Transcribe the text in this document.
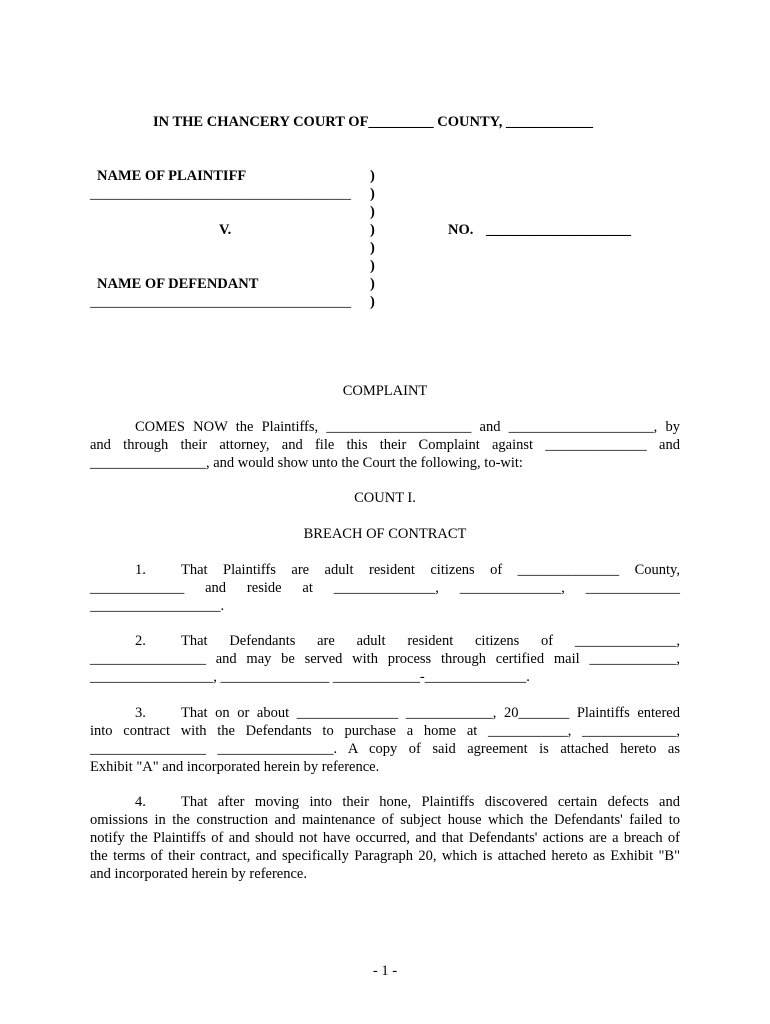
IN THE CHANCERY COURT OF_________ COUNTY, ____________
NAME OF PLAINTIFF
____________________________________
V.
NAME OF DEFENDANT
____________________________________
)
)
)
)
)
)
)
)
NO. ____________________
COMPLAINT
COMES NOW the Plaintiffs, ____________________ and ____________________, by
and through their attorney, and file this their Complaint against ______________ and
________________, and would show unto the Court the following, to-wit:
COUNT I.
BREACH OF CONTRACT
1.	That Plaintiffs are adult resident citizens of ______________ County,
_____________ and reside at ______________, ______________, _____________
__________________.
2.	That Defendants are adult resident citizens of ______________,
________________ and may be served with process through certified mail ____________,
_________________, _______________ ____________-______________.
3.	That on or about ______________ ____________, 20_______ Plaintiffs entered
into contract with the Defendants to purchase a home at ___________, _____________,
________________ ________________. A copy of said agreement is attached hereto as
Exhibit "A" and incorporated herein by reference.
4.	That after moving into their hone, Plaintiffs discovered certain defects and
omissions in the construction and maintenance of subject house which the Defendants' failed to
notify the Plaintiffs of and should not have occurred, and that Defendants' actions are a breach of
the terms of their contract, and specifically Paragraph 20, which is attached hereto as Exhibit "B"
and incorporated herein by reference.
- 1 -
